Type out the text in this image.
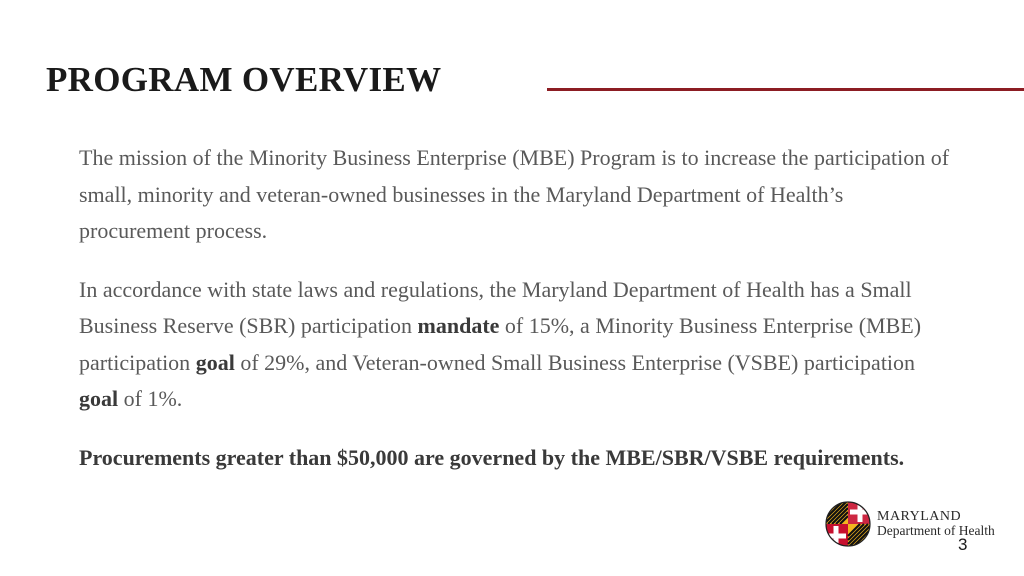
PROGRAM OVERVIEW

The mission of the Minority Business Enterprise (MBE) Program is to increase the participation of small, minority and veteran-owned businesses in the Maryland Department of Health’s procurement process.

In accordance with state laws and regulations, the Maryland Department of Health has a Small Business Reserve (SBR) participation mandate of 15%, a Minority Business Enterprise (MBE) participation goal of 29%, and Veteran-owned Small Business Enterprise (VSBE) participation goal of 1%.

Procurements greater than $50,000 are governed by the MBE/SBR/VSBE requirements.

MARYLAND
Department of Health
3
